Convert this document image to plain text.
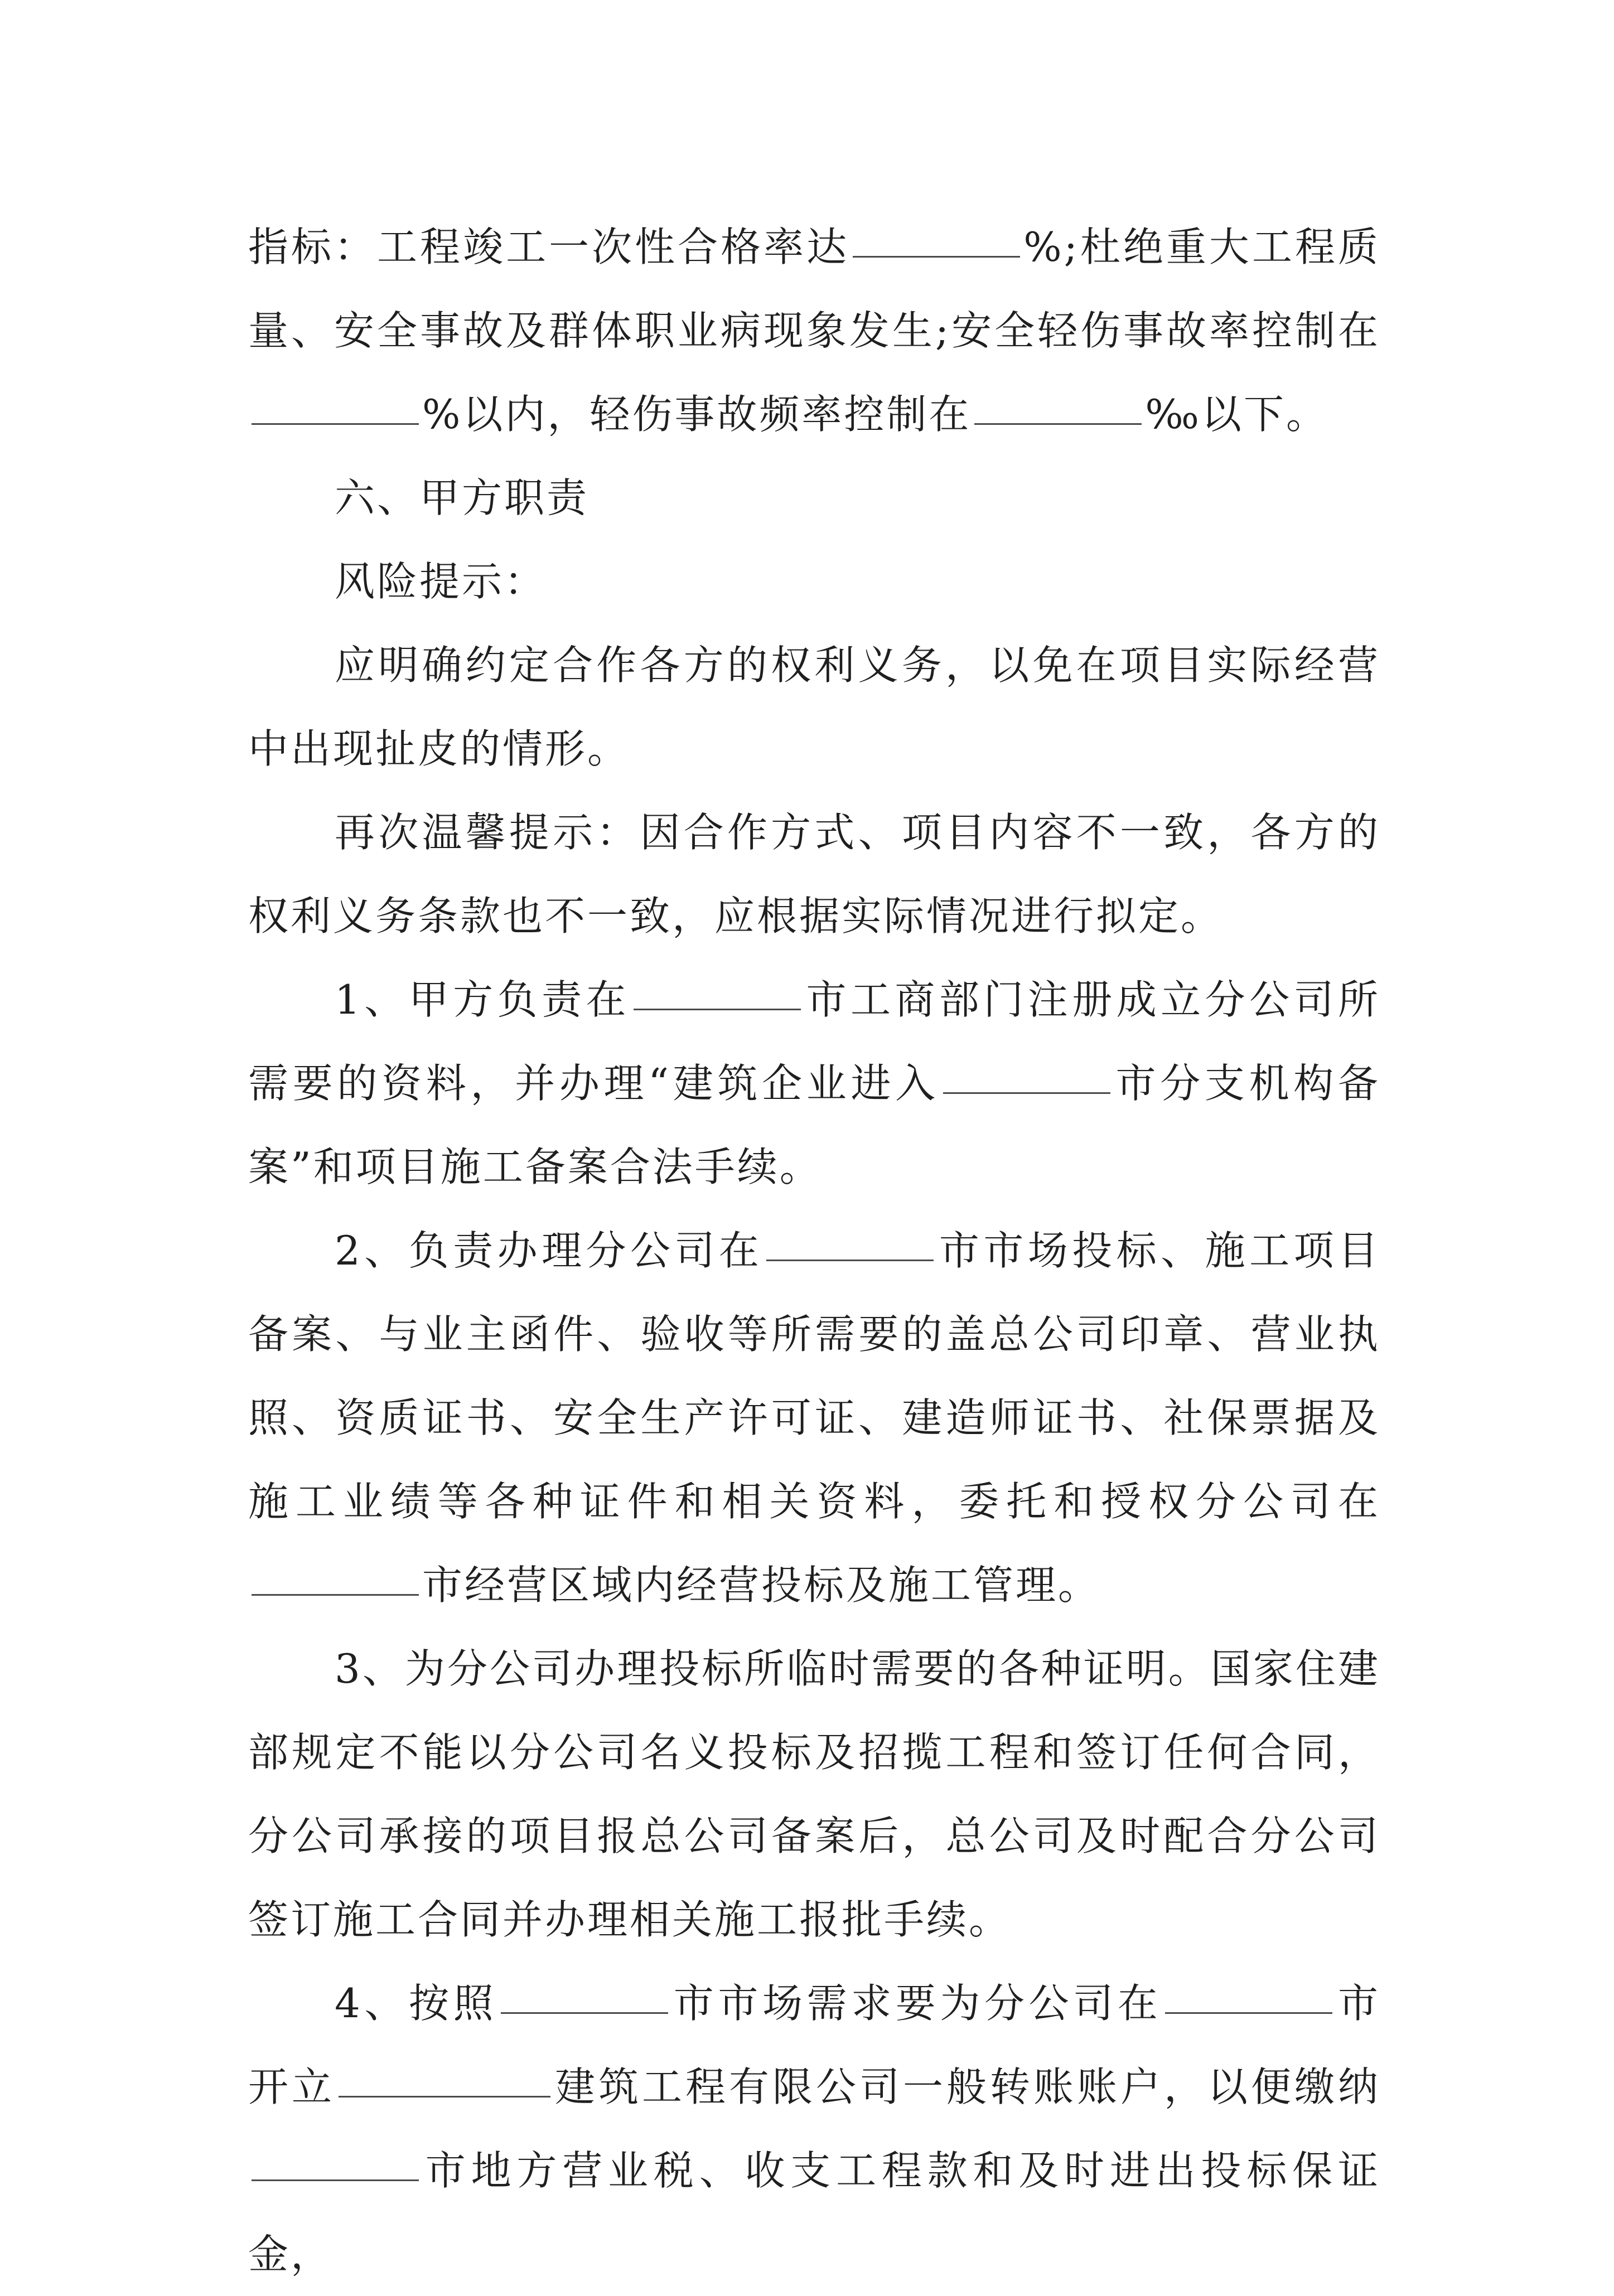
指标：工程竣工一次性合格率达	%;杜绝重大工程质量、安全事故及群体职业病现象发生;安全轻伤事故率控制在%以内，轻伤事故频率控制在	‰以下。

六、甲方职责

风险提示：

应明确约定合作各方的权利义务，以免在项目实际经营中出现扯皮的情形。

再次温馨提示：因合作方式、项目内容不一致，各方的权利义务条款也不一致，应根据实际情况进行拟定。

1、甲方负责在	市工商部门注册成立分公司所需要的资料，并办理“建筑企业进入	市分支机构备案”和项目施工备案合法手续。

2、负责办理分公司在	市市场投标、施工项目备案、与业主函件、验收等所需要的盖总公司印章、营业执照、资质证书、安全生产许可证、建造师证书、社保票据及施工业绩等各种证件和相关资料，委托和授权分公司在市经营区域内经营投标及施工管理。

3、为分公司办理投标所临时需要的各种证明。国家住建部规定不能以分公司名义投标及招揽工程和签订任何合同，分公司承接的项目报总公司备案后，总公司及时配合分公司签订施工合同并办理相关施工报批手续。

4、按照	市市场需求要为分公司在	市开立	建筑工程有限公司一般转账账户，以便缴纳市地方营业税、收支工程款和及时进出投标保证金，
